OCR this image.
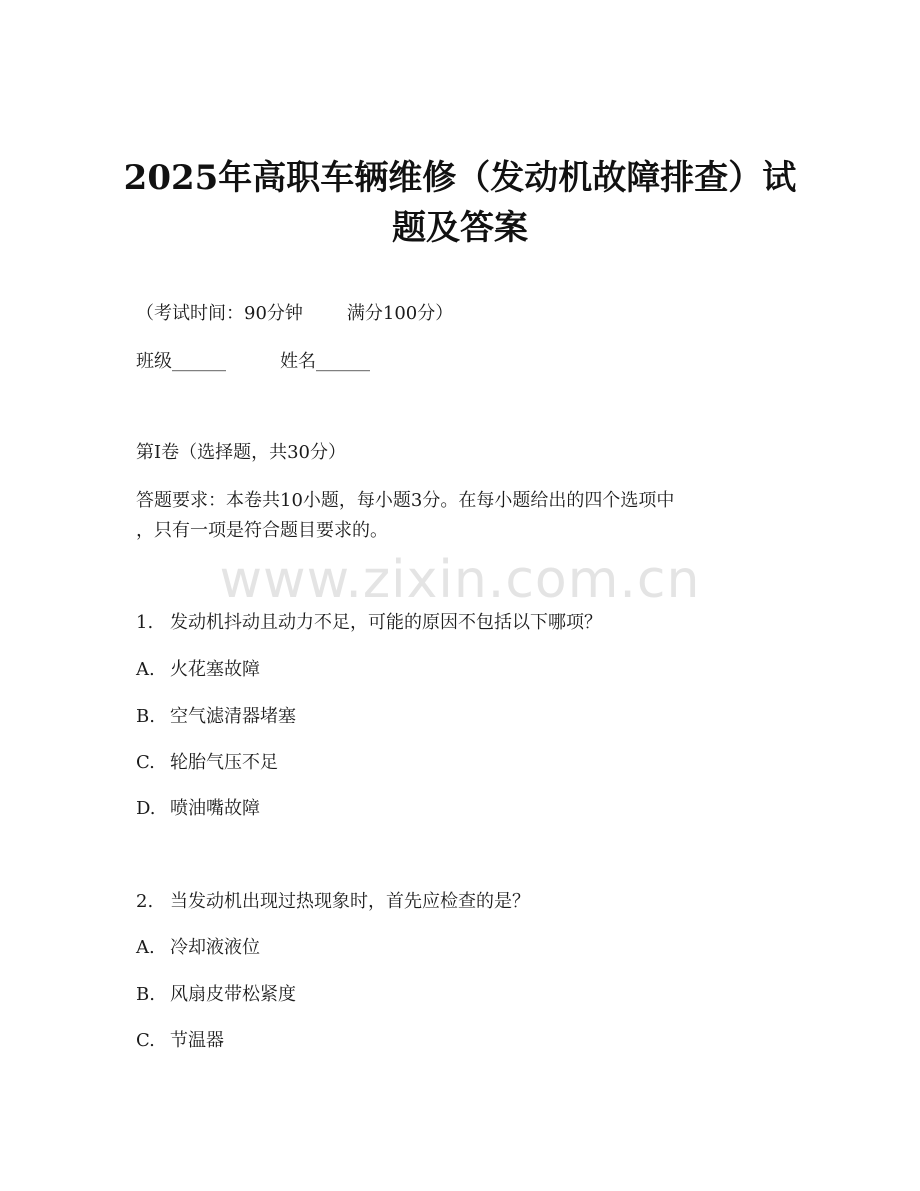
www.zixin.com.cn
2025年高职车辆维修（发动机故障排查）试
题及答案
（考试时间：90分钟 满分100分）
班级______	姓名______
第I卷（选择题，共30分）
答题要求：本卷共10小题，每小题3分。在每小题给出的四个选项中
，只有一项是符合题目要求的。
1. 发动机抖动且动力不足，可能的原因不包括以下哪项？
A. 火花塞故障
B. 空气滤清器堵塞
C. 轮胎气压不足
D. 喷油嘴故障
2. 当发动机出现过热现象时，首先应检查的是？
A. 冷却液液位
B. 风扇皮带松紧度
C. 节温器
